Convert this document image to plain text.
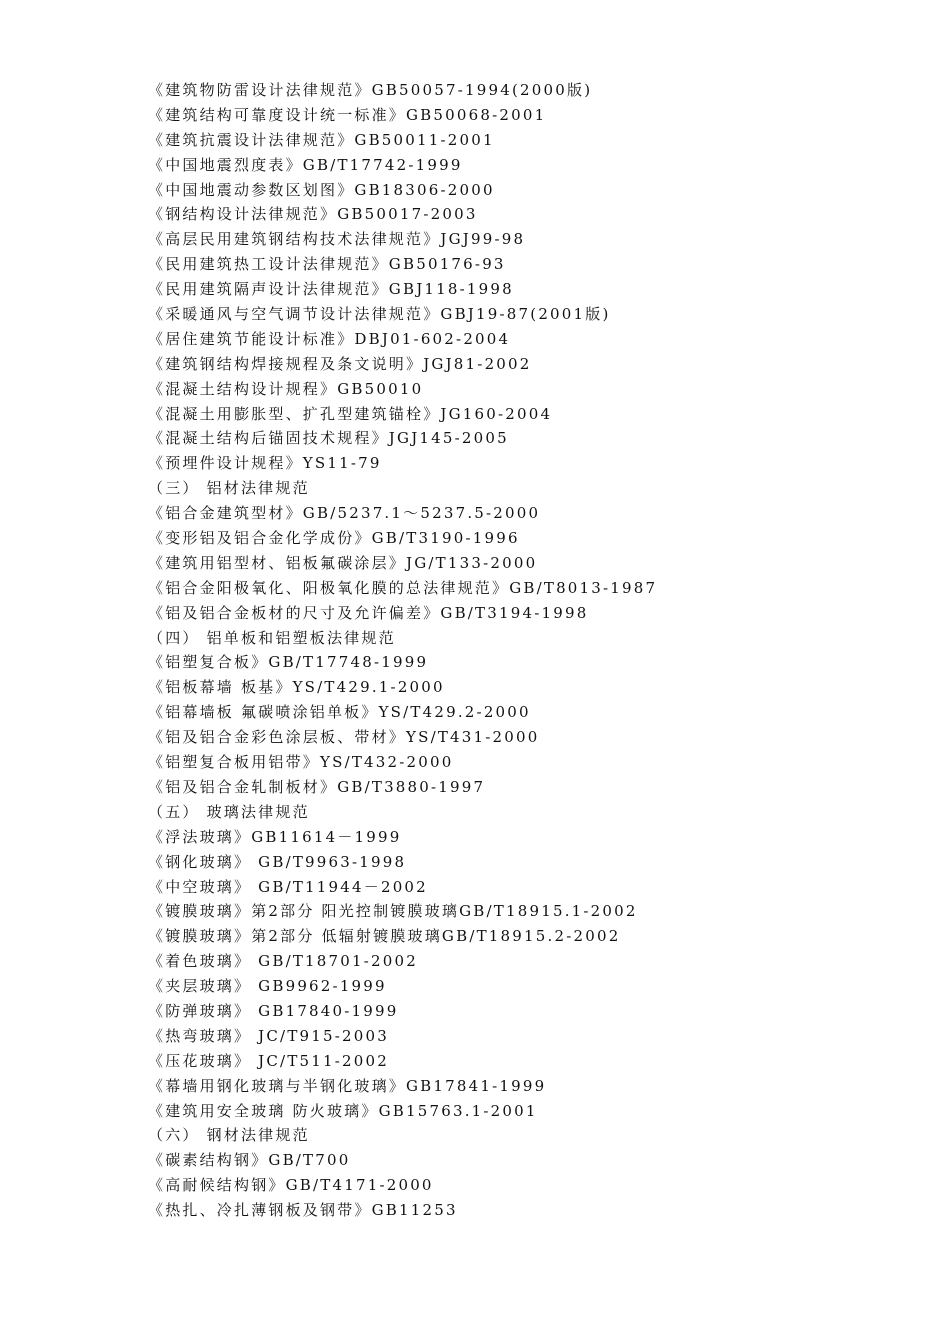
《建筑物防雷设计法律规范》GB50057-1994(2000版)
《建筑结构可靠度设计统一标准》GB50068-2001
《建筑抗震设计法律规范》GB50011-2001
《中国地震烈度表》GB/T17742-1999
《中国地震动参数区划图》GB18306-2000
《钢结构设计法律规范》GB50017-2003
《高层民用建筑钢结构技术法律规范》JGJ99-98
《民用建筑热工设计法律规范》GB50176-93
《民用建筑隔声设计法律规范》GBJ118-1998
《采暖通风与空气调节设计法律规范》GBJ19-87(2001版)
《居住建筑节能设计标准》DBJ01-602-2004
《建筑钢结构焊接规程及条文说明》JGJ81-2002
《混凝土结构设计规程》GB50010
《混凝土用膨胀型、扩孔型建筑锚栓》JG160-2004
《混凝土结构后锚固技术规程》JGJ145-2005
《预埋件设计规程》YS11-79
（三） 铝材法律规范
《铝合金建筑型材》GB/5237.1～5237.5-2000
《变形铝及铝合金化学成份》GB/T3190-1996
《建筑用铝型材、铝板氟碳涂层》JG/T133-2000
《铝合金阳极氧化、阳极氧化膜的总法律规范》GB/T8013-1987
《铝及铝合金板材的尺寸及允许偏差》GB/T3194-1998
（四） 铝单板和铝塑板法律规范
《铝塑复合板》GB/T17748-1999
《铝板幕墙 板基》YS/T429.1-2000
《铝幕墙板 氟碳喷涂铝单板》YS/T429.2-2000
《铝及铝合金彩色涂层板、带材》YS/T431-2000
《铝塑复合板用铝带》YS/T432-2000
《铝及铝合金轧制板材》GB/T3880-1997
（五） 玻璃法律规范
《浮法玻璃》GB11614－1999
《钢化玻璃》 GB/T9963-1998
《中空玻璃》 GB/T11944－2002
《镀膜玻璃》第2部分 阳光控制镀膜玻璃GB/T18915.1-2002
《镀膜玻璃》第2部分 低辐射镀膜玻璃GB/T18915.2-2002
《着色玻璃》 GB/T18701-2002
《夹层玻璃》 GB9962-1999
《防弹玻璃》 GB17840-1999
《热弯玻璃》 JC/T915-2003
《压花玻璃》 JC/T511-2002
《幕墙用钢化玻璃与半钢化玻璃》GB17841-1999
《建筑用安全玻璃 防火玻璃》GB15763.1-2001
（六） 钢材法律规范
《碳素结构钢》GB/T700
《高耐候结构钢》GB/T4171-2000
《热扎、冷扎薄钢板及钢带》GB11253
